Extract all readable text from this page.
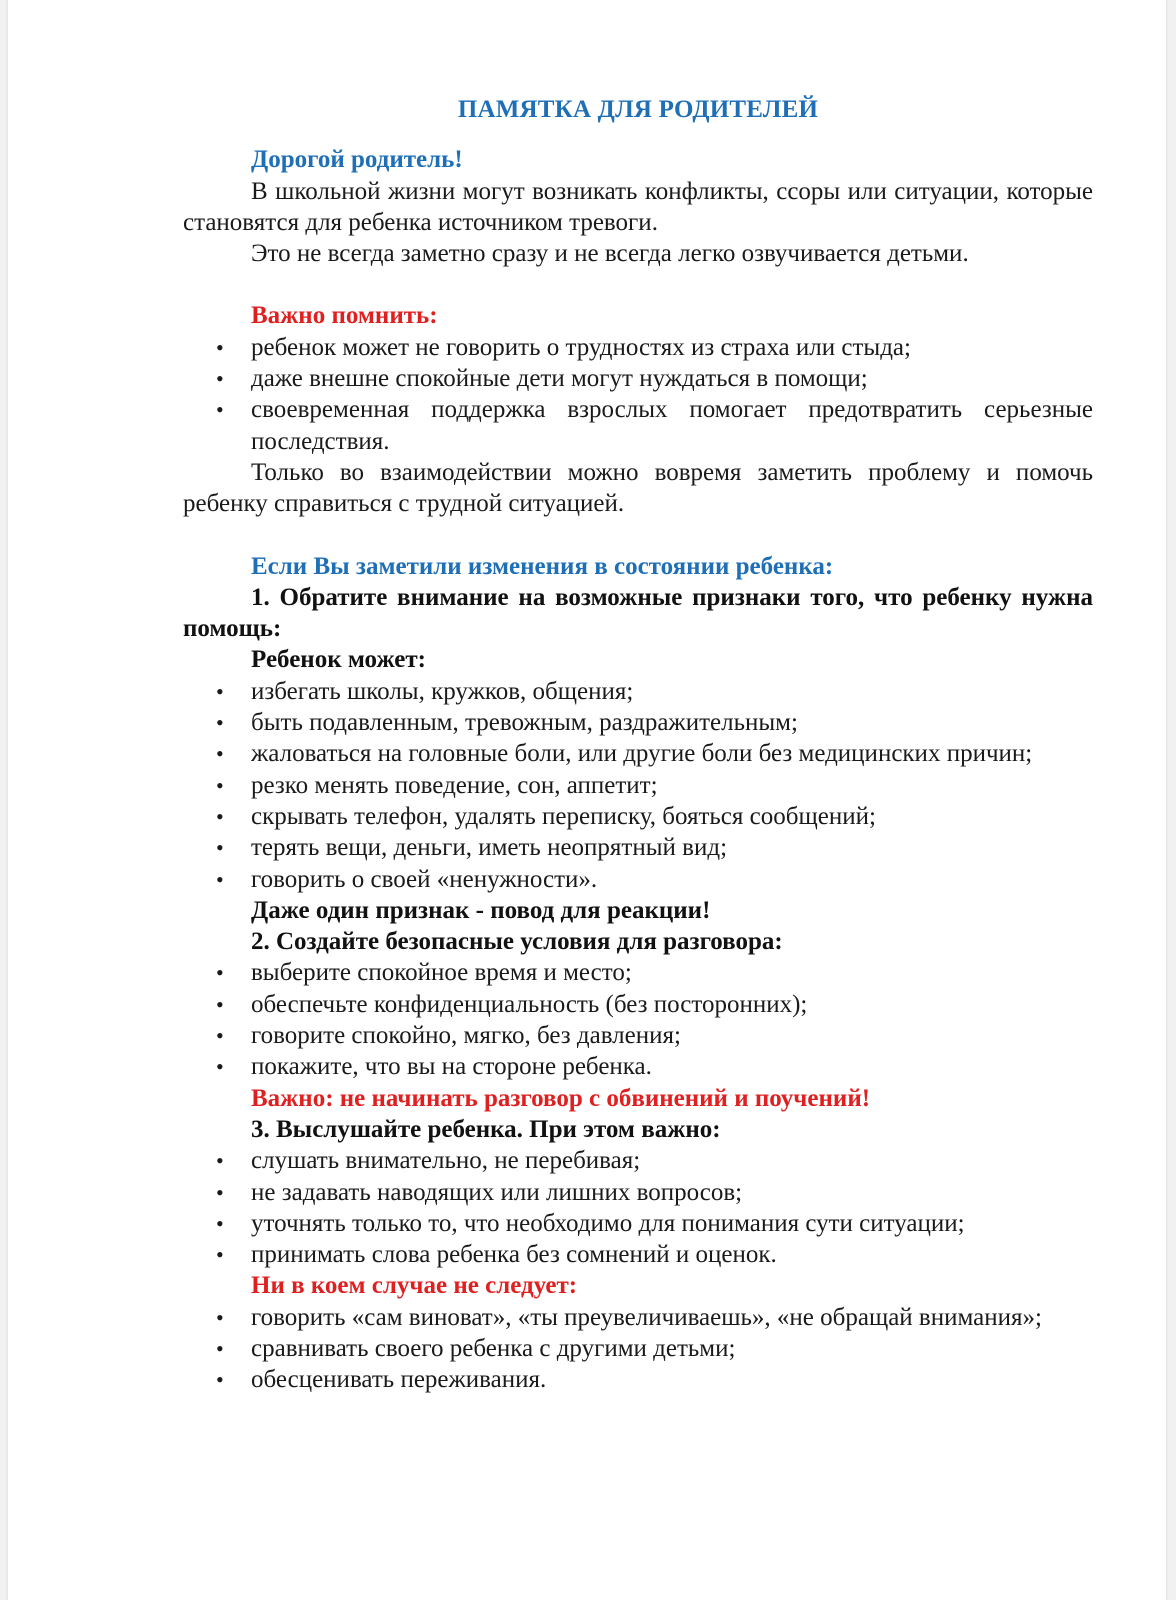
ПАМЯТКА ДЛЯ РОДИТЕЛЕЙ
Дорогой родитель!

В школьной жизни могут возникать конфликты, ссоры или ситуации, которые становятся для ребенка источником тревоги.

Это не всегда заметно сразу и не всегда легко озвучивается детьми.

Важно помнить:
• ребенок может не говорить о трудностях из страха или стыда;
• даже внешне спокойные дети могут нуждаться в помощи;
• своевременная поддержка взрослых помогает предотвратить серьезные последствия.

Только во взаимодействии можно вовремя заметить проблему и помочь ребенку справиться с трудной ситуацией.

Если Вы заметили изменения в состоянии ребенка:

1. Обратите внимание на возможные признаки того, что ребенку нужна помощь:

Ребенок может:
• избегать школы, кружков, общения;
• быть подавленным, тревожным, раздражительным;
• жаловаться на головные боли, или другие боли без медицинских причин;
• резко менять поведение, сон, аппетит;
• скрывать телефон, удалять переписку, бояться сообщений;
• терять вещи, деньги, иметь неопрятный вид;
• говорить о своей «ненужности».
Даже один признак - повод для реакции!
2. Создайте безопасные условия для разговора:
• выберите спокойное время и место;
• обеспечьте конфиденциальность (без посторонних);
• говорите спокойно, мягко, без давления;
• покажите, что вы на стороне ребенка.
Важно: не начинать разговор с обвинений и поучений!
3. Выслушайте ребенка. При этом важно:
• слушать внимательно, не перебивая;
• не задавать наводящих или лишних вопросов;
• уточнять только то, что необходимо для понимания сути ситуации;
• принимать слова ребенка без сомнений и оценок.
Ни в коем случае не следует:
• говорить «сам виноват», «ты преувеличиваешь», «не обращай внимания»;
• сравнивать своего ребенка с другими детьми;
• обесценивать переживания.
